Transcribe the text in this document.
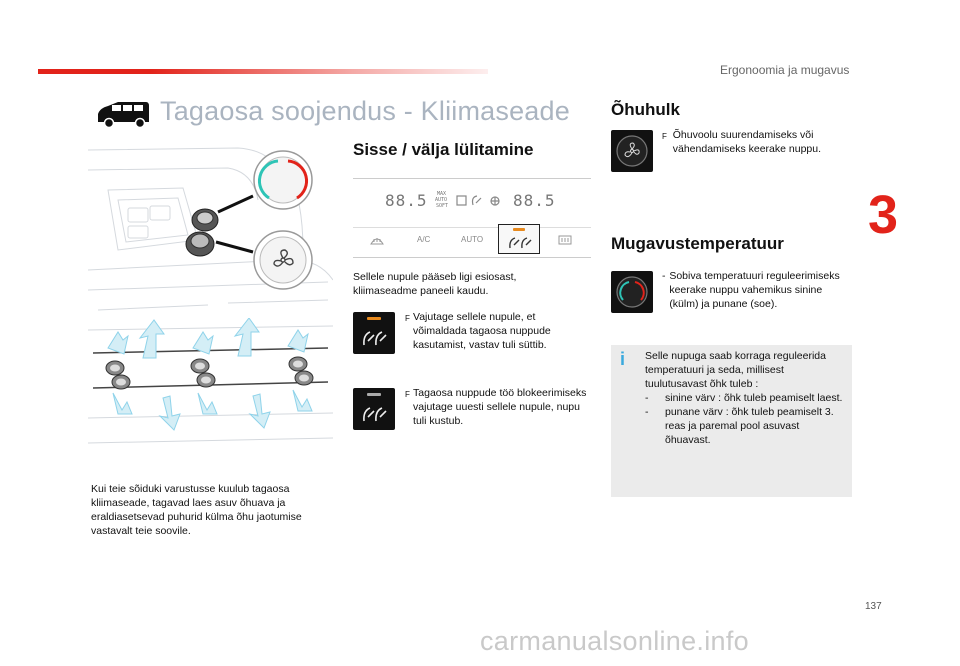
Ergonoomia ja mugavus
3
Tagaosa soojendus - Kliimaseade
Kui teie sõiduki varustusse kuulub tagaosa kliimaseade, tagavad laes asuv õhuava ja eraldiasetsevad puhurid külma õhu jaotumise vastavalt teie soovile.
Sisse / välja lülitamine
88.5 MAX
AUTO
SOFT	88.5
A/C	AUTO
Sellele nupule pääseb ligi esiosast, kliimaseadme paneeli kaudu.
F Vajutage sellele nupule, et võimaldada tagaosa nuppude kasutamist, vastav tuli süttib.
F Tagaosa nuppude töö blokeerimiseks vajutage uuesti sellele nupule, nupu tuli kustub.
Õhuhulk
F Õhuvoolu suurendamiseks või vähendamiseks keerake nuppu.
Mugavustemperatuur
- Sobiva temperatuuri reguleerimiseks keerake nuppu vahemikus sinine (külm) ja punane (soe).
i Selle nupuga saab korraga reguleerida temperatuuri ja seda, millisest tuulutusavast õhk tuleb :
-	sinine värv : õhk tuleb peamiselt laest.
-	punane värv : õhk tuleb peamiselt 3. reas ja paremal pool asuvast õhuavast.
137
carmanualsonline.info
